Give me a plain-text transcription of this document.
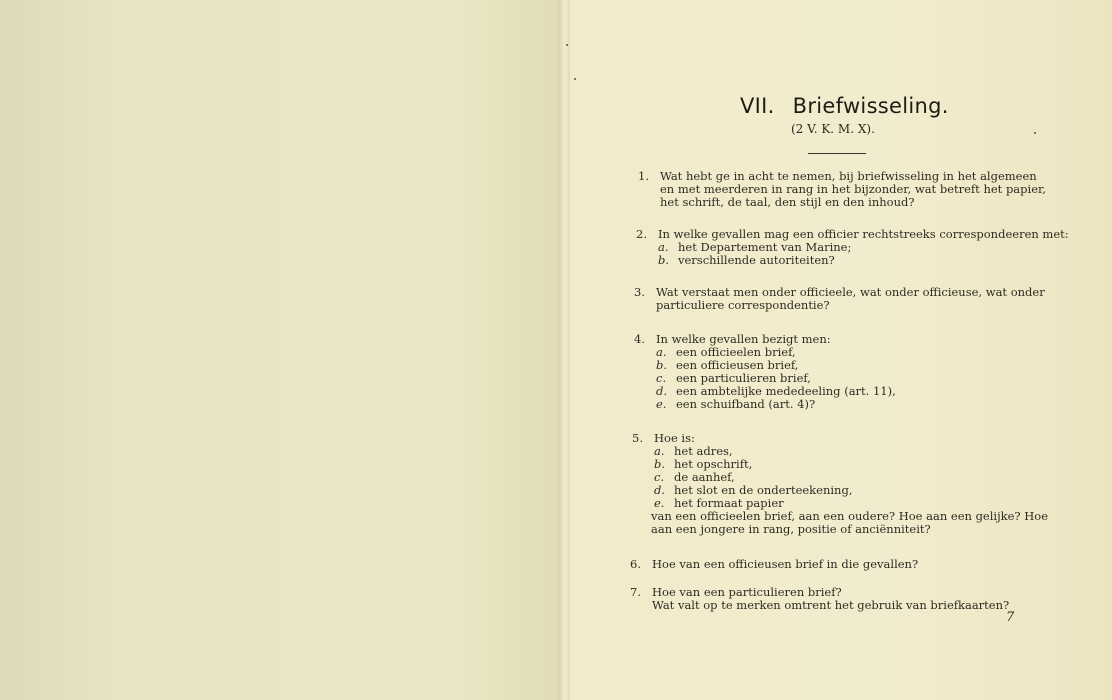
VII. Briefwisseling.
(2 V. K. M. X).
1. Wat hebt ge in acht te nemen, bij briefwisseling in het algemeen
en met meerderen in rang in het bijzonder, wat betreft het papier,
het schrift, de taal, den stijl en den inhoud?
2. In welke gevallen mag een officier rechtstreeks correspondeeren met:
a. het Departement van Marine;
b. verschillende autoriteiten?
3. Wat verstaat men onder officieele, wat onder officieuse, wat onder
particuliere correspondentie?
4. In welke gevallen bezigt men:
a. een officieelen brief,
b. een officieusen brief,
c. een particulieren brief,
d. een ambtelijke mededeeling (art. 11),
e. een schuifband (art. 4)?
5. Hoe is:
a. het adres,
b. het opschrift,
c. de aanhef,
d. het slot en de onderteekening,
e. het formaat papier
van een officieelen brief, aan een oudere? Hoe aan een gelijke? Hoe
aan een jongere in rang, positie of anciënniteit?
6. Hoe van een officieusen brief in die gevallen?
7. Hoe van een particulieren brief?
Wat valt op te merken omtrent het gebruik van briefkaarten?
7
